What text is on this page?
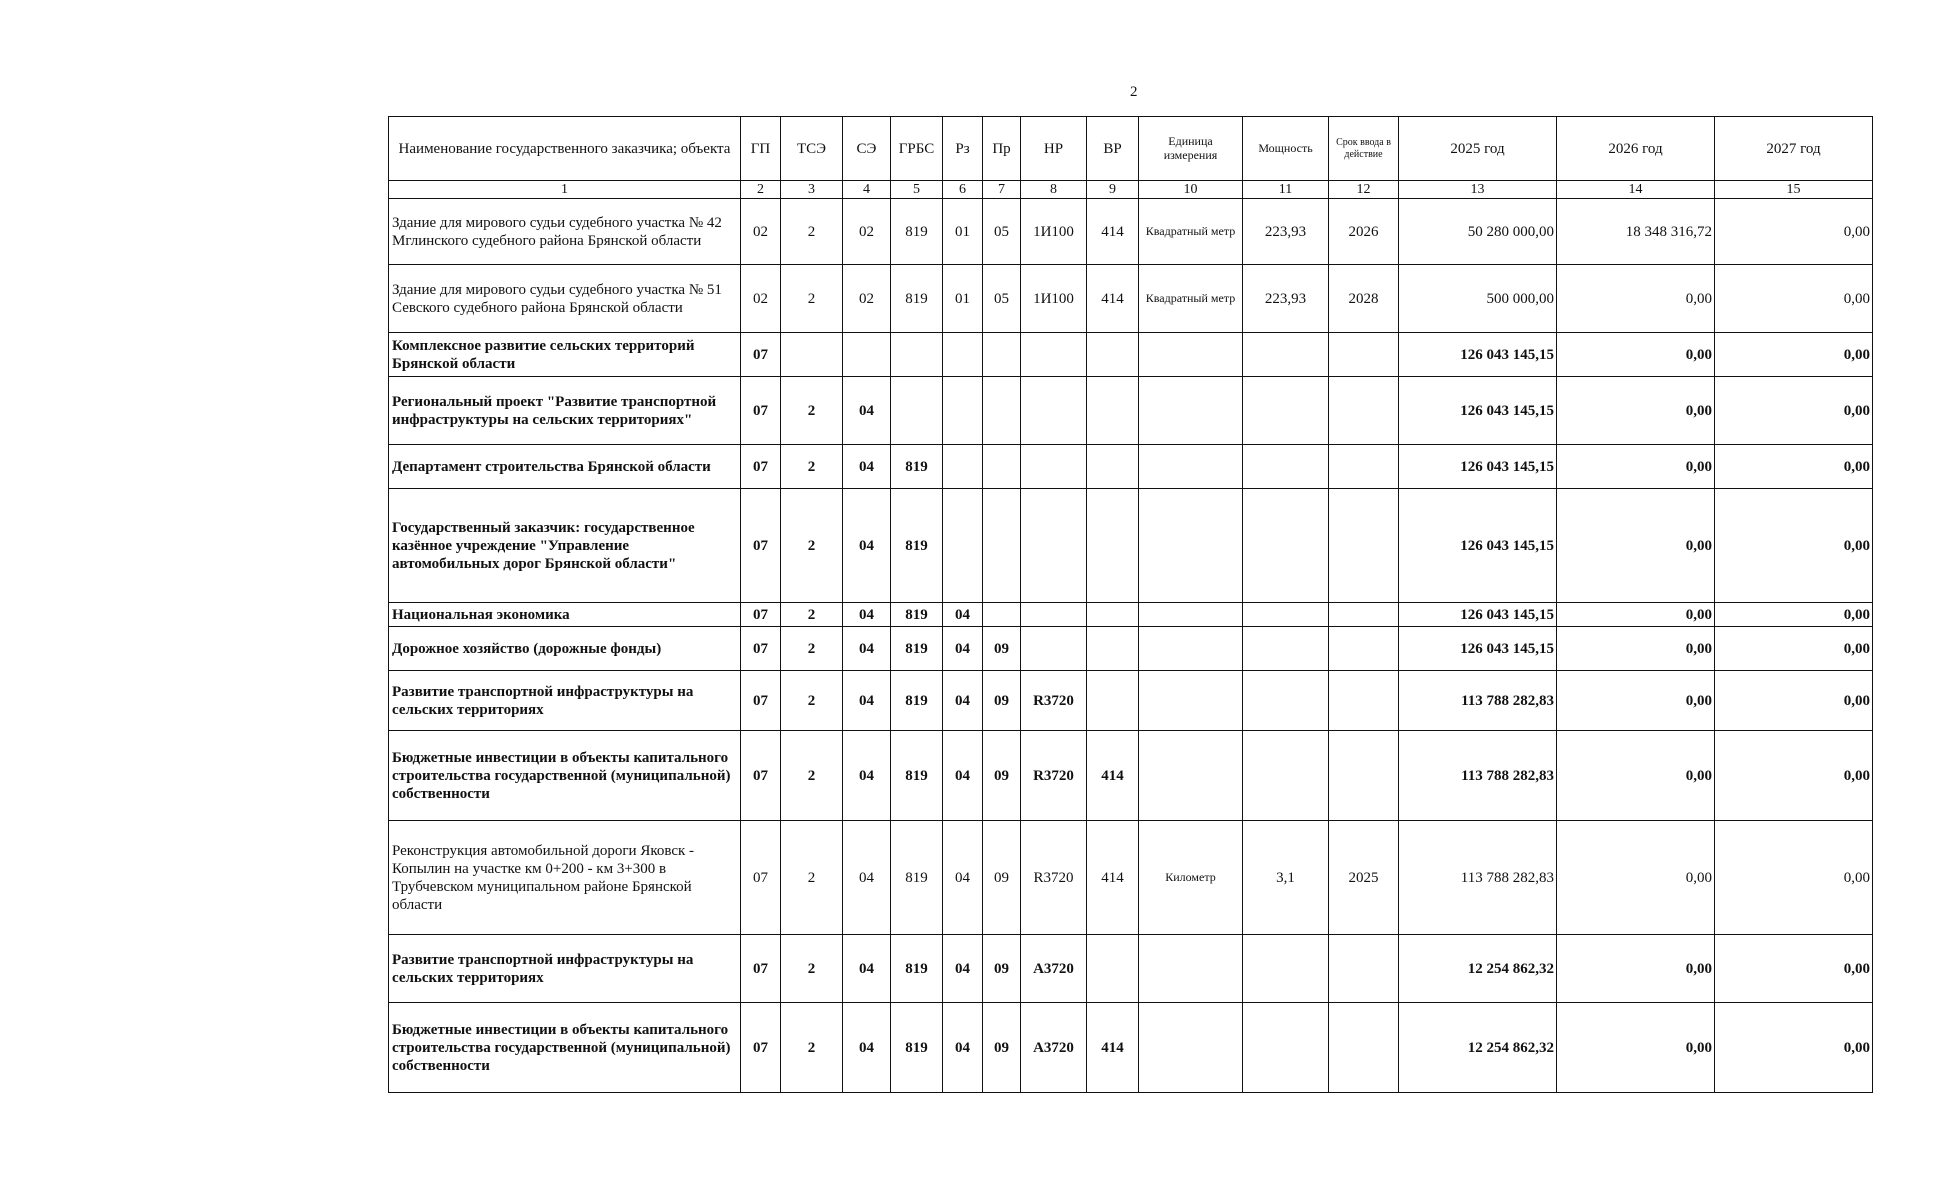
2
Наименование государственного заказчика; объекта	ГП	ТСЭ	СЭ	ГРБС	Рз	Пр	НР	ВР	Единица измерения	Мощность	Срок ввода в действие	2025 год	2026 год	2027 год
1	2	3	4	5	6	7	8	9	10	11	12	13	14	15
Здание для мирового судьи судебного участка № 42 Мглинского судебного района Брянской области	02	2	02	819	01	05	1И100	414	Квадратный метр	223,93	2026	50 280 000,00	18 348 316,72	0,00
Здание для мирового судьи судебного участка № 51 Севского судебного района Брянской области	02	2	02	819	01	05	1И100	414	Квадратный метр	223,93	2028	500 000,00	0,00	0,00
Комплексное развитие сельских территорий Брянской области	07											126 043 145,15	0,00	0,00
Региональный проект "Развитие транспортной инфраструктуры на сельских территориях"	07	2	04									126 043 145,15	0,00	0,00
Департамент строительства Брянской области	07	2	04	819								126 043 145,15	0,00	0,00
Государственный заказчик: государственное казённое учреждение "Управление автомобильных дорог Брянской области"	07	2	04	819								126 043 145,15	0,00	0,00
Национальная экономика	07	2	04	819	04							126 043 145,15	0,00	0,00
Дорожное хозяйство (дорожные фонды)	07	2	04	819	04	09						126 043 145,15	0,00	0,00
Развитие транспортной инфраструктуры на сельских территориях	07	2	04	819	04	09	R3720					113 788 282,83	0,00	0,00
Бюджетные инвестиции в объекты капитального строительства государственной (муниципальной) собственности	07	2	04	819	04	09	R3720	414				113 788 282,83	0,00	0,00
Реконструкция автомобильной дороги Яковск - Копылин на участке км 0+200 - км 3+300 в Трубчевском муниципальном районе Брянской области	07	2	04	819	04	09	R3720	414	Километр	3,1	2025	113 788 282,83	0,00	0,00
Развитие транспортной инфраструктуры на сельских территориях	07	2	04	819	04	09	A3720					12 254 862,32	0,00	0,00
Бюджетные инвестиции в объекты капитального строительства государственной (муниципальной) собственности	07	2	04	819	04	09	A3720	414				12 254 862,32	0,00	0,00
